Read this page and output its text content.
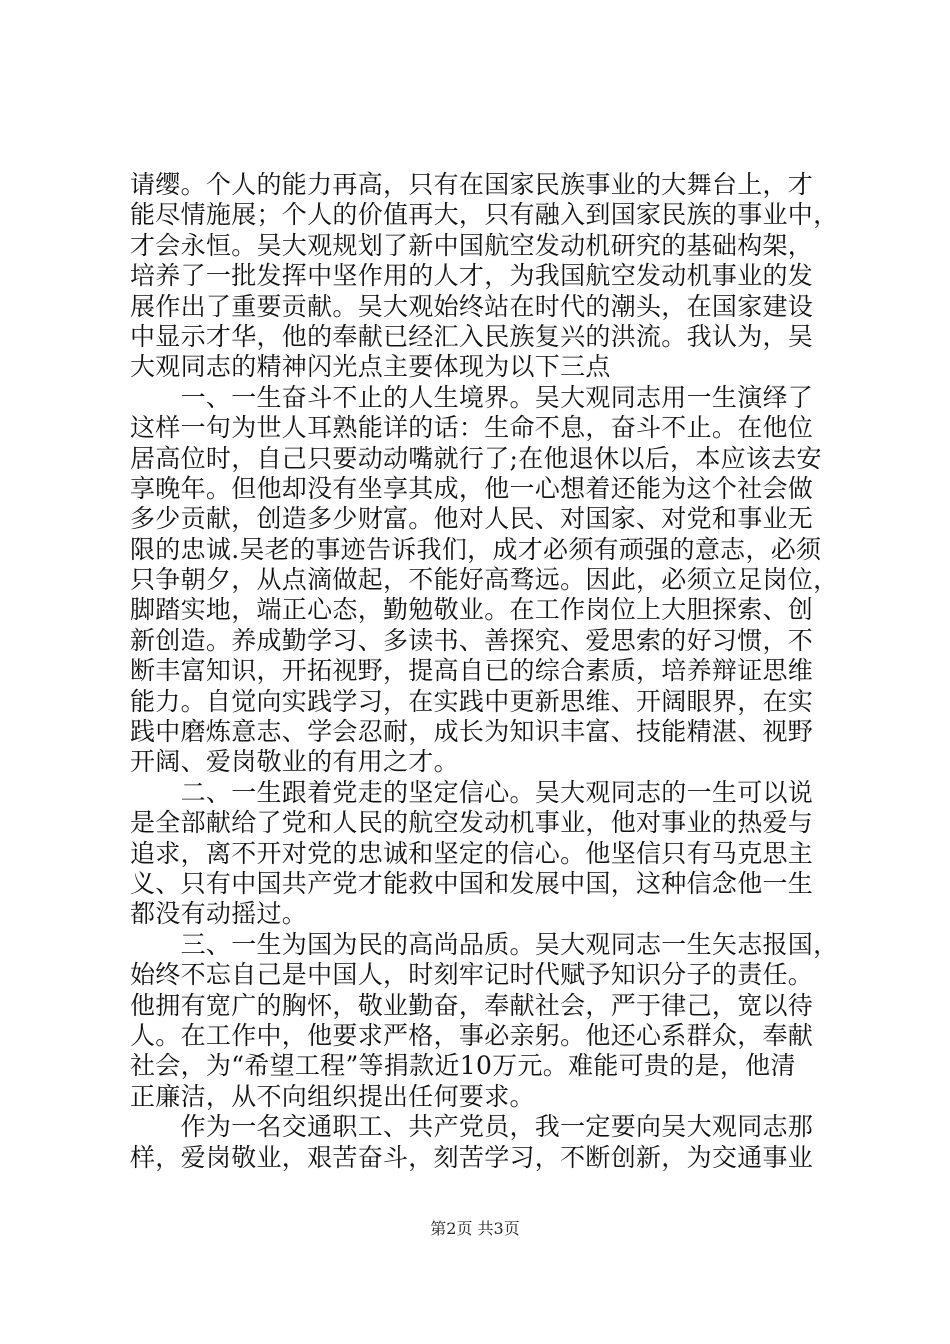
请缨。个人的能力再高，只有在国家民族事业的大舞台上，才
能尽情施展；个人的价值再大，只有融入到国家民族的事业中，
才会永恒。吴大观规划了新中国航空发动机研究的基础构架，
培养了一批发挥中坚作用的人才，为我国航空发动机事业的发
展作出了重要贡献。吴大观始终站在时代的潮头，在国家建设
中显示才华，他的奉献已经汇入民族复兴的洪流。我认为，吴
大观同志的精神闪光点主要体现为以下三点
　　一、一生奋斗不止的人生境界。吴大观同志用一生演绎了
这样一句为世人耳熟能详的话：生命不息，奋斗不止。在他位
居高位时，自己只要动动嘴就行了;在他退休以后，本应该去安
享晚年。但他却没有坐享其成，他一心想着还能为这个社会做
多少贡献，创造多少财富。他对人民、对国家、对党和事业无
限的忠诚.吴老的事迹告诉我们，成才必须有顽强的意志，必须
只争朝夕，从点滴做起，不能好高骛远。因此，必须立足岗位，
脚踏实地，端正心态，勤勉敬业。在工作岗位上大胆探索、创
新创造。养成勤学习、多读书、善探究、爱思索的好习惯，不
断丰富知识，开拓视野，提高自已的综合素质，培养辩证思维
能力。自觉向实践学习，在实践中更新思维、开阔眼界，在实
践中磨炼意志、学会忍耐，成长为知识丰富、技能精湛、视野
开阔、爱岗敬业的有用之才。
　　二、一生跟着党走的坚定信心。吴大观同志的一生可以说
是全部献给了党和人民的航空发动机事业，他对事业的热爱与
追求，离不开对党的忠诚和坚定的信心。他坚信只有马克思主
义、只有中国共产党才能救中国和发展中国，这种信念他一生
都没有动摇过。
　　三、一生为国为民的高尚品质。吴大观同志一生矢志报国，
始终不忘自己是中国人，时刻牢记时代赋予知识分子的责任。
他拥有宽广的胸怀，敬业勤奋，奉献社会，严于律己，宽以待
人。在工作中，他要求严格，事必亲躬。他还心系群众，奉献
社会，为“希望工程”等捐款近10万元。难能可贵的是，他清
正廉洁，从不向组织提出任何要求。
　　作为一名交通职工、共产党员，我一定要向吴大观同志那
样，爱岗敬业，艰苦奋斗，刻苦学习，不断创新，为交通事业
第2页 共3页
